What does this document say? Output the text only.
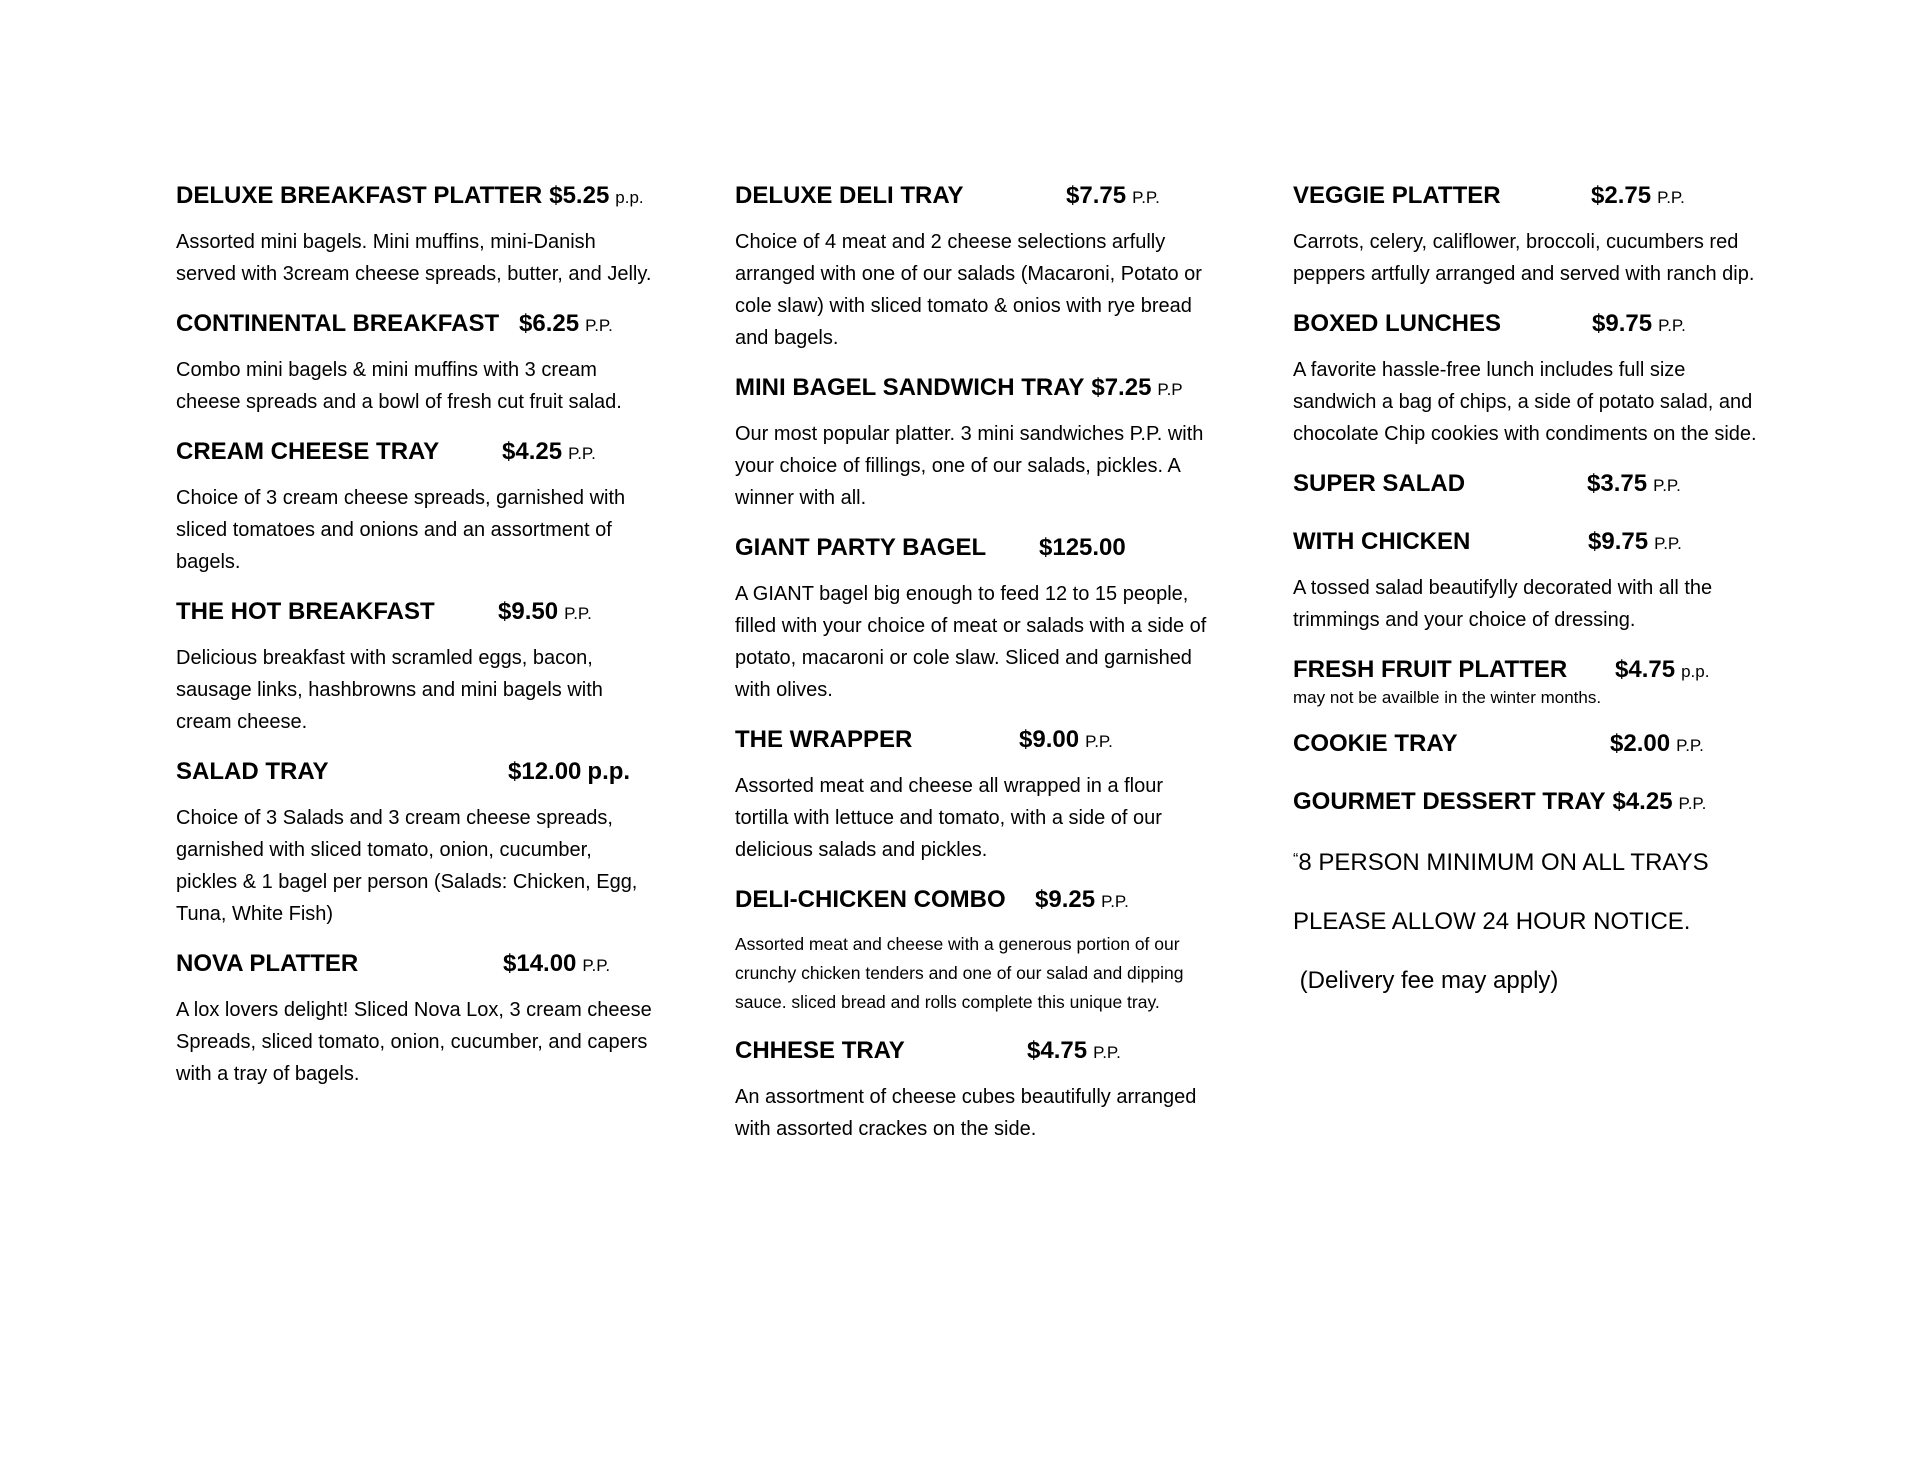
DELUXE BREAKFAST PLATTER $5.25 p.p.
Assorted mini bagels. Mini muffins, mini-Danish served with 3cream cheese spreads, butter, and Jelly.
CONTINENTAL BREAKFAST $6.25 P.P.
Combo mini bagels & mini muffins with 3 cream cheese spreads and a bowl of fresh cut fruit salad.
CREAM CHEESE TRAY	$4.25 P.P.
Choice of 3 cream cheese spreads, garnished with sliced tomatoes and onions and an assortment of bagels.
THE HOT BREAKFAST	$9.50 P.P.
Delicious breakfast with scramled eggs, bacon, sausage links, hashbrowns and mini bagels with cream cheese.
SALAD TRAY	$12.00 p.p.
Choice of 3 Salads and 3 cream cheese spreads, garnished with sliced tomato, onion, cucumber, pickles & 1 bagel per person (Salads: Chicken, Egg, Tuna, White Fish)
NOVA PLATTER	$14.00 P.P.
A lox lovers delight! Sliced Nova Lox, 3 cream cheese Spreads, sliced tomato, onion, cucumber, and capers with a tray of bagels.
DELUXE DELI TRAY	$7.75 P.P.
Choice of 4 meat and 2 cheese selections arfully arranged with one of our salads (Macaroni, Potato or cole slaw) with sliced tomato & onios with rye bread and bagels.
MINI BAGEL SANDWICH TRAY $7.25 P.P
Our most popular platter. 3 mini sandwiches P.P. with your choice of fillings, one of our salads, pickles. A winner with all.
GIANT PARTY BAGEL	$125.00
A GIANT bagel big enough to feed 12 to 15 people, filled with your choice of meat or salads with a side of potato, macaroni or cole slaw. Sliced and garnished with olives.
THE WRAPPER	$9.00 P.P.
Assorted meat and cheese all wrapped in a flour tortilla with lettuce and tomato, with a side of our delicious salads and pickles.
DELI-CHICKEN COMBO	$9.25 P.P.
Assorted meat and cheese with a generous portion of our crunchy chicken tenders and one of our salad and dipping sauce. sliced bread and rolls complete this unique tray.
CHHESE TRAY	$4.75 P.P.
An assortment of cheese cubes beautifully arranged with assorted crackes on the side.
VEGGIE PLATTER	$2.75 P.P.
Carrots, celery, califlower, broccoli, cucumbers red peppers artfully arranged and served with ranch dip.
BOXED LUNCHES	$9.75 P.P.
A favorite hassle-free lunch includes full size sandwich a bag of chips, a side of potato salad, and chocolate Chip cookies with condiments on the side.
SUPER SALAD	$3.75 P.P.
WITH CHICKEN	$9.75 P.P.
A tossed salad beautifylly decorated with all the trimmings and your choice of dressing.
FRESH FRUIT PLATTER	$4.75 p.p.
may not be availble in the winter months.
COOKIE TRAY	$2.00 P.P.
GOURMET DESSERT TRAY $4.25 P.P.
“8 PERSON MINIMUM ON ALL TRAYS
PLEASE ALLOW 24 HOUR NOTICE.
(Delivery fee may apply)
